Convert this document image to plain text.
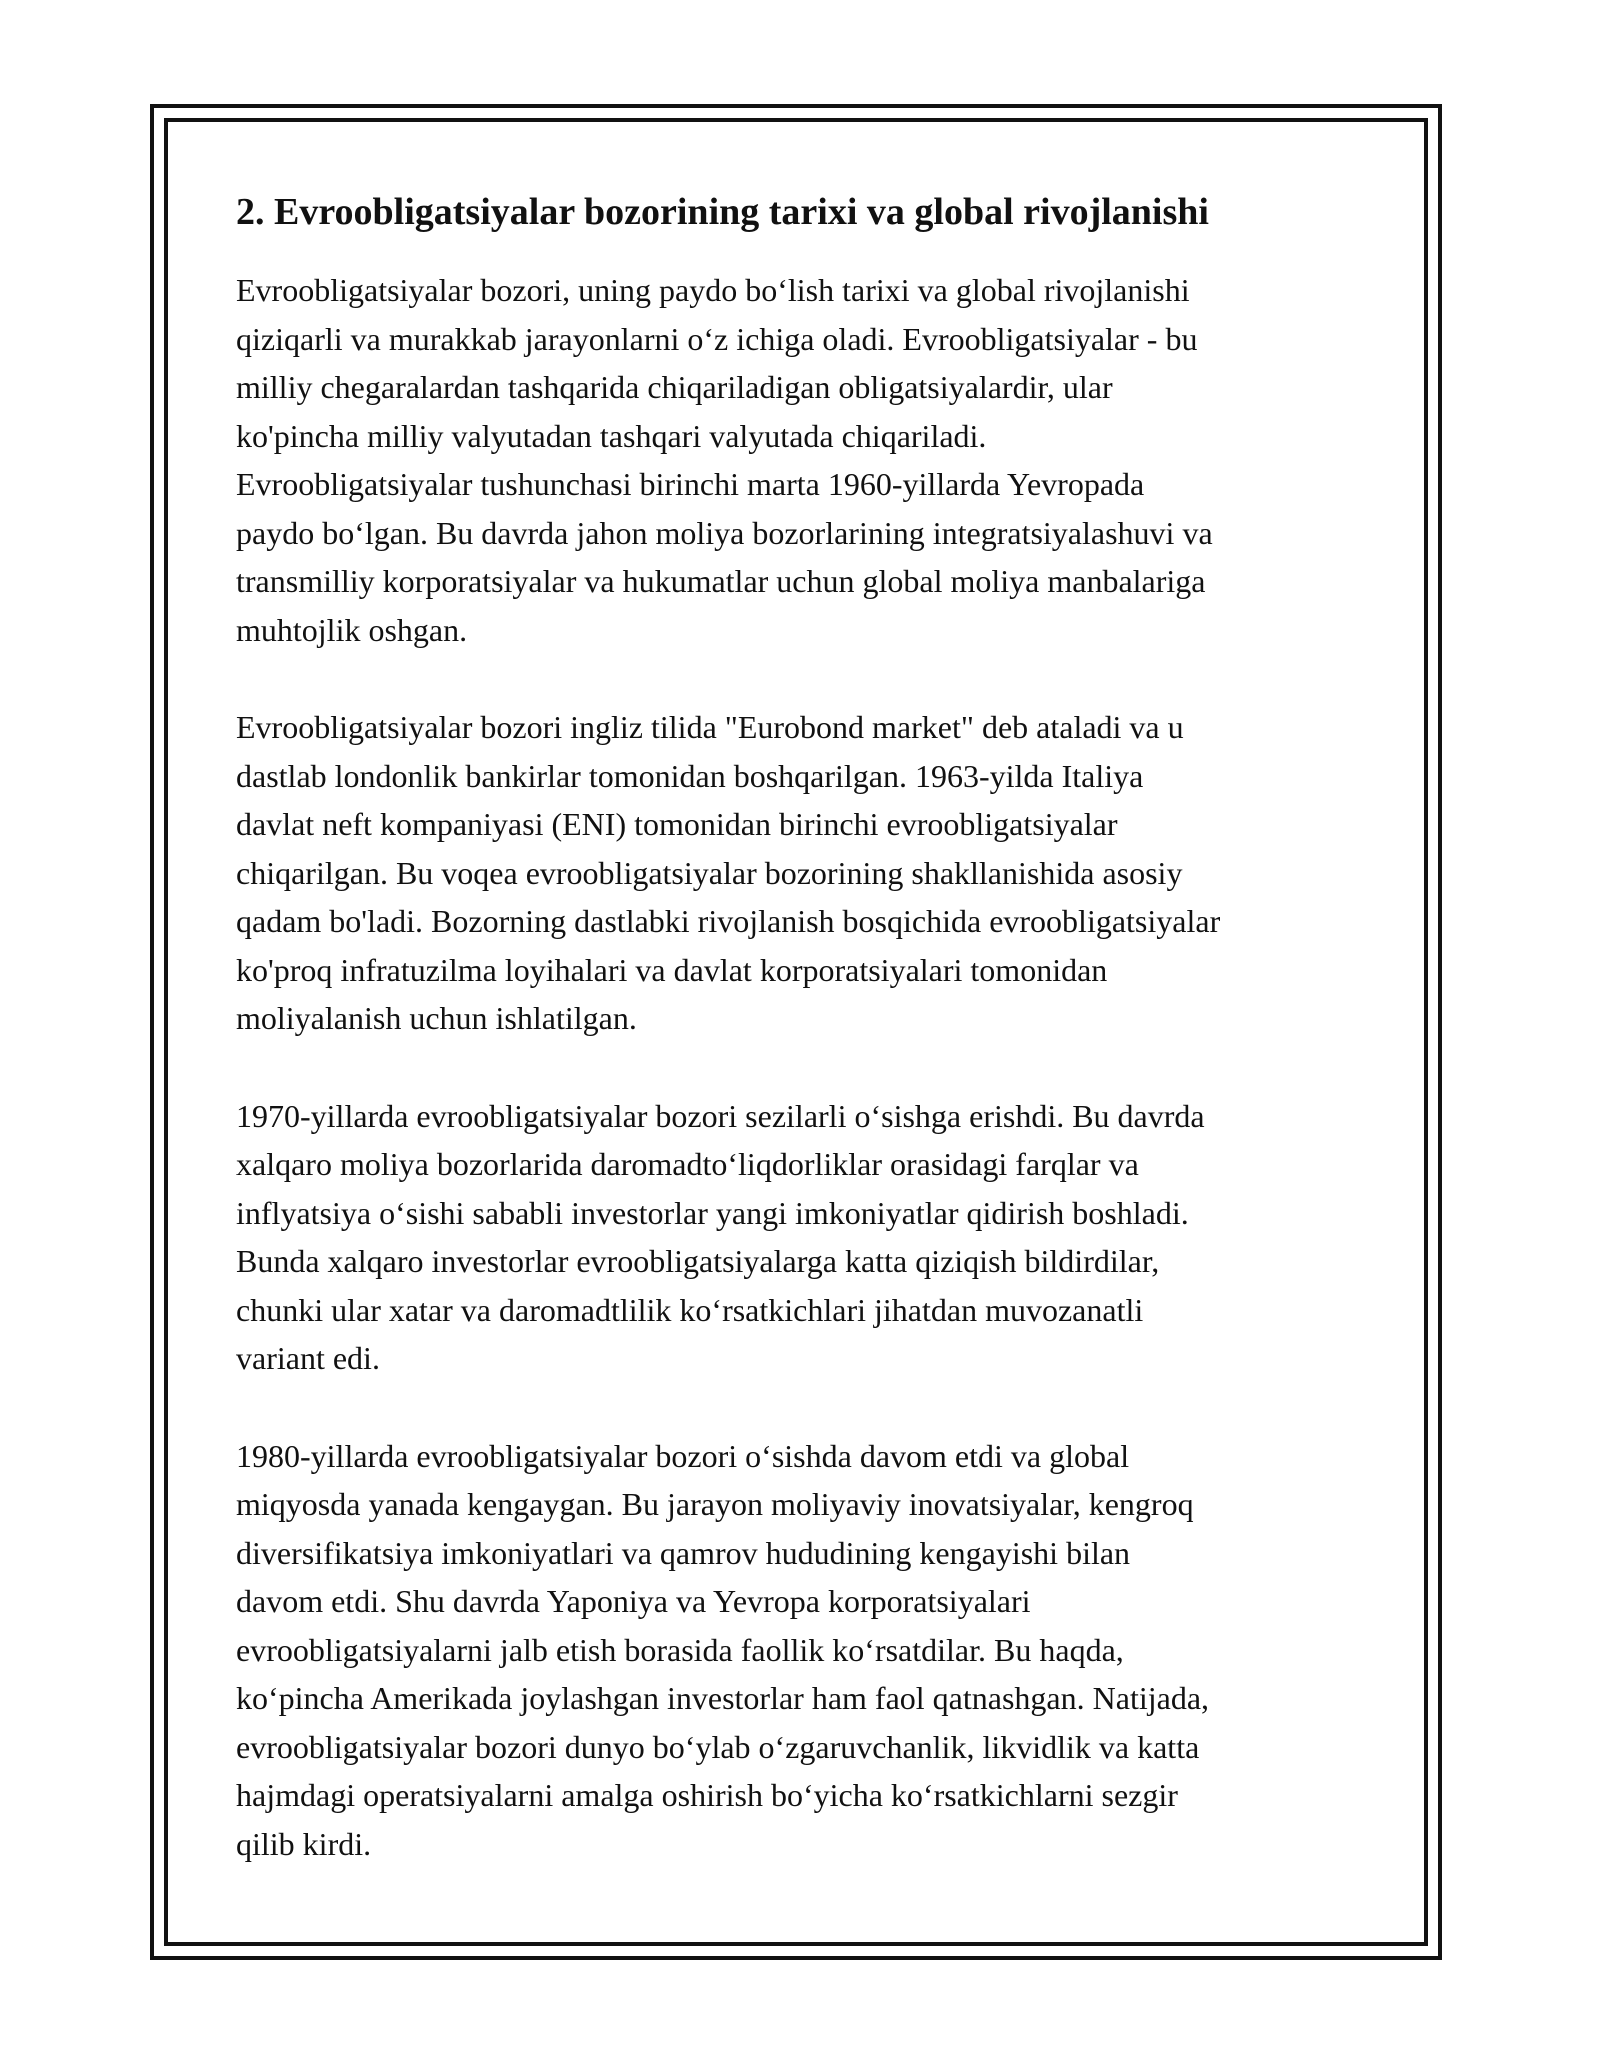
2. Evroobligatsiyalar bozorining tarixi va global rivojlanishi

Evroobligatsiyalar bozori, uning paydo bo‘lish tarixi va global rivojlanishi
qiziqarli va murakkab jarayonlarni o‘z ichiga oladi. Evroobligatsiyalar - bu
milliy chegaralardan tashqarida chiqariladigan obligatsiyalardir, ular
ko'pincha milliy valyutadan tashqari valyutada chiqariladi.
Evroobligatsiyalar tushunchasi birinchi marta 1960-yillarda Yevropada
paydo bo‘lgan. Bu davrda jahon moliya bozorlarining integratsiyalashuvi va
transmilliy korporatsiyalar va hukumatlar uchun global moliya manbalariga
muhtojlik oshgan.

Evroobligatsiyalar bozori ingliz tilida "Eurobond market" deb ataladi va u
dastlab londonlik bankirlar tomonidan boshqarilgan. 1963-yilda Italiya
davlat neft kompaniyasi (ENI) tomonidan birinchi evroobligatsiyalar
chiqarilgan. Bu voqea evroobligatsiyalar bozorining shakllanishida asosiy
qadam bo'ladi. Bozorning dastlabki rivojlanish bosqichida evroobligatsiyalar
ko'proq infratuzilma loyihalari va davlat korporatsiyalari tomonidan
moliyalanish uchun ishlatilgan.

1970-yillarda evroobligatsiyalar bozori sezilarli o‘sishga erishdi. Bu davrda
xalqaro moliya bozorlarida daromadto‘liqdorliklar orasidagi farqlar va
inflyatsiya o‘sishi sababli investorlar yangi imkoniyatlar qidirish boshladi.
Bunda xalqaro investorlar evroobligatsiyalarga katta qiziqish bildirdilar,
chunki ular xatar va daromadtlilik ko‘rsatkichlari jihatdan muvozanatli
variant edi.

1980-yillarda evroobligatsiyalar bozori o‘sishda davom etdi va global
miqyosda yanada kengaygan. Bu jarayon moliyaviy inovatsiyalar, kengroq
diversifikatsiya imkoniyatlari va qamrov hududining kengayishi bilan
davom etdi. Shu davrda Yaponiya va Yevropa korporatsiyalari
evroobligatsiyalarni jalb etish borasida faollik ko‘rsatdilar. Bu haqda,
ko‘pincha Amerikada joylashgan investorlar ham faol qatnashgan. Natijada,
evroobligatsiyalar bozori dunyo bo‘ylab o‘zgaruvchanlik, likvidlik va katta
hajmdagi operatsiyalarni amalga oshirish bo‘yicha ko‘rsatkichlarni sezgir
qilib kirdi.
